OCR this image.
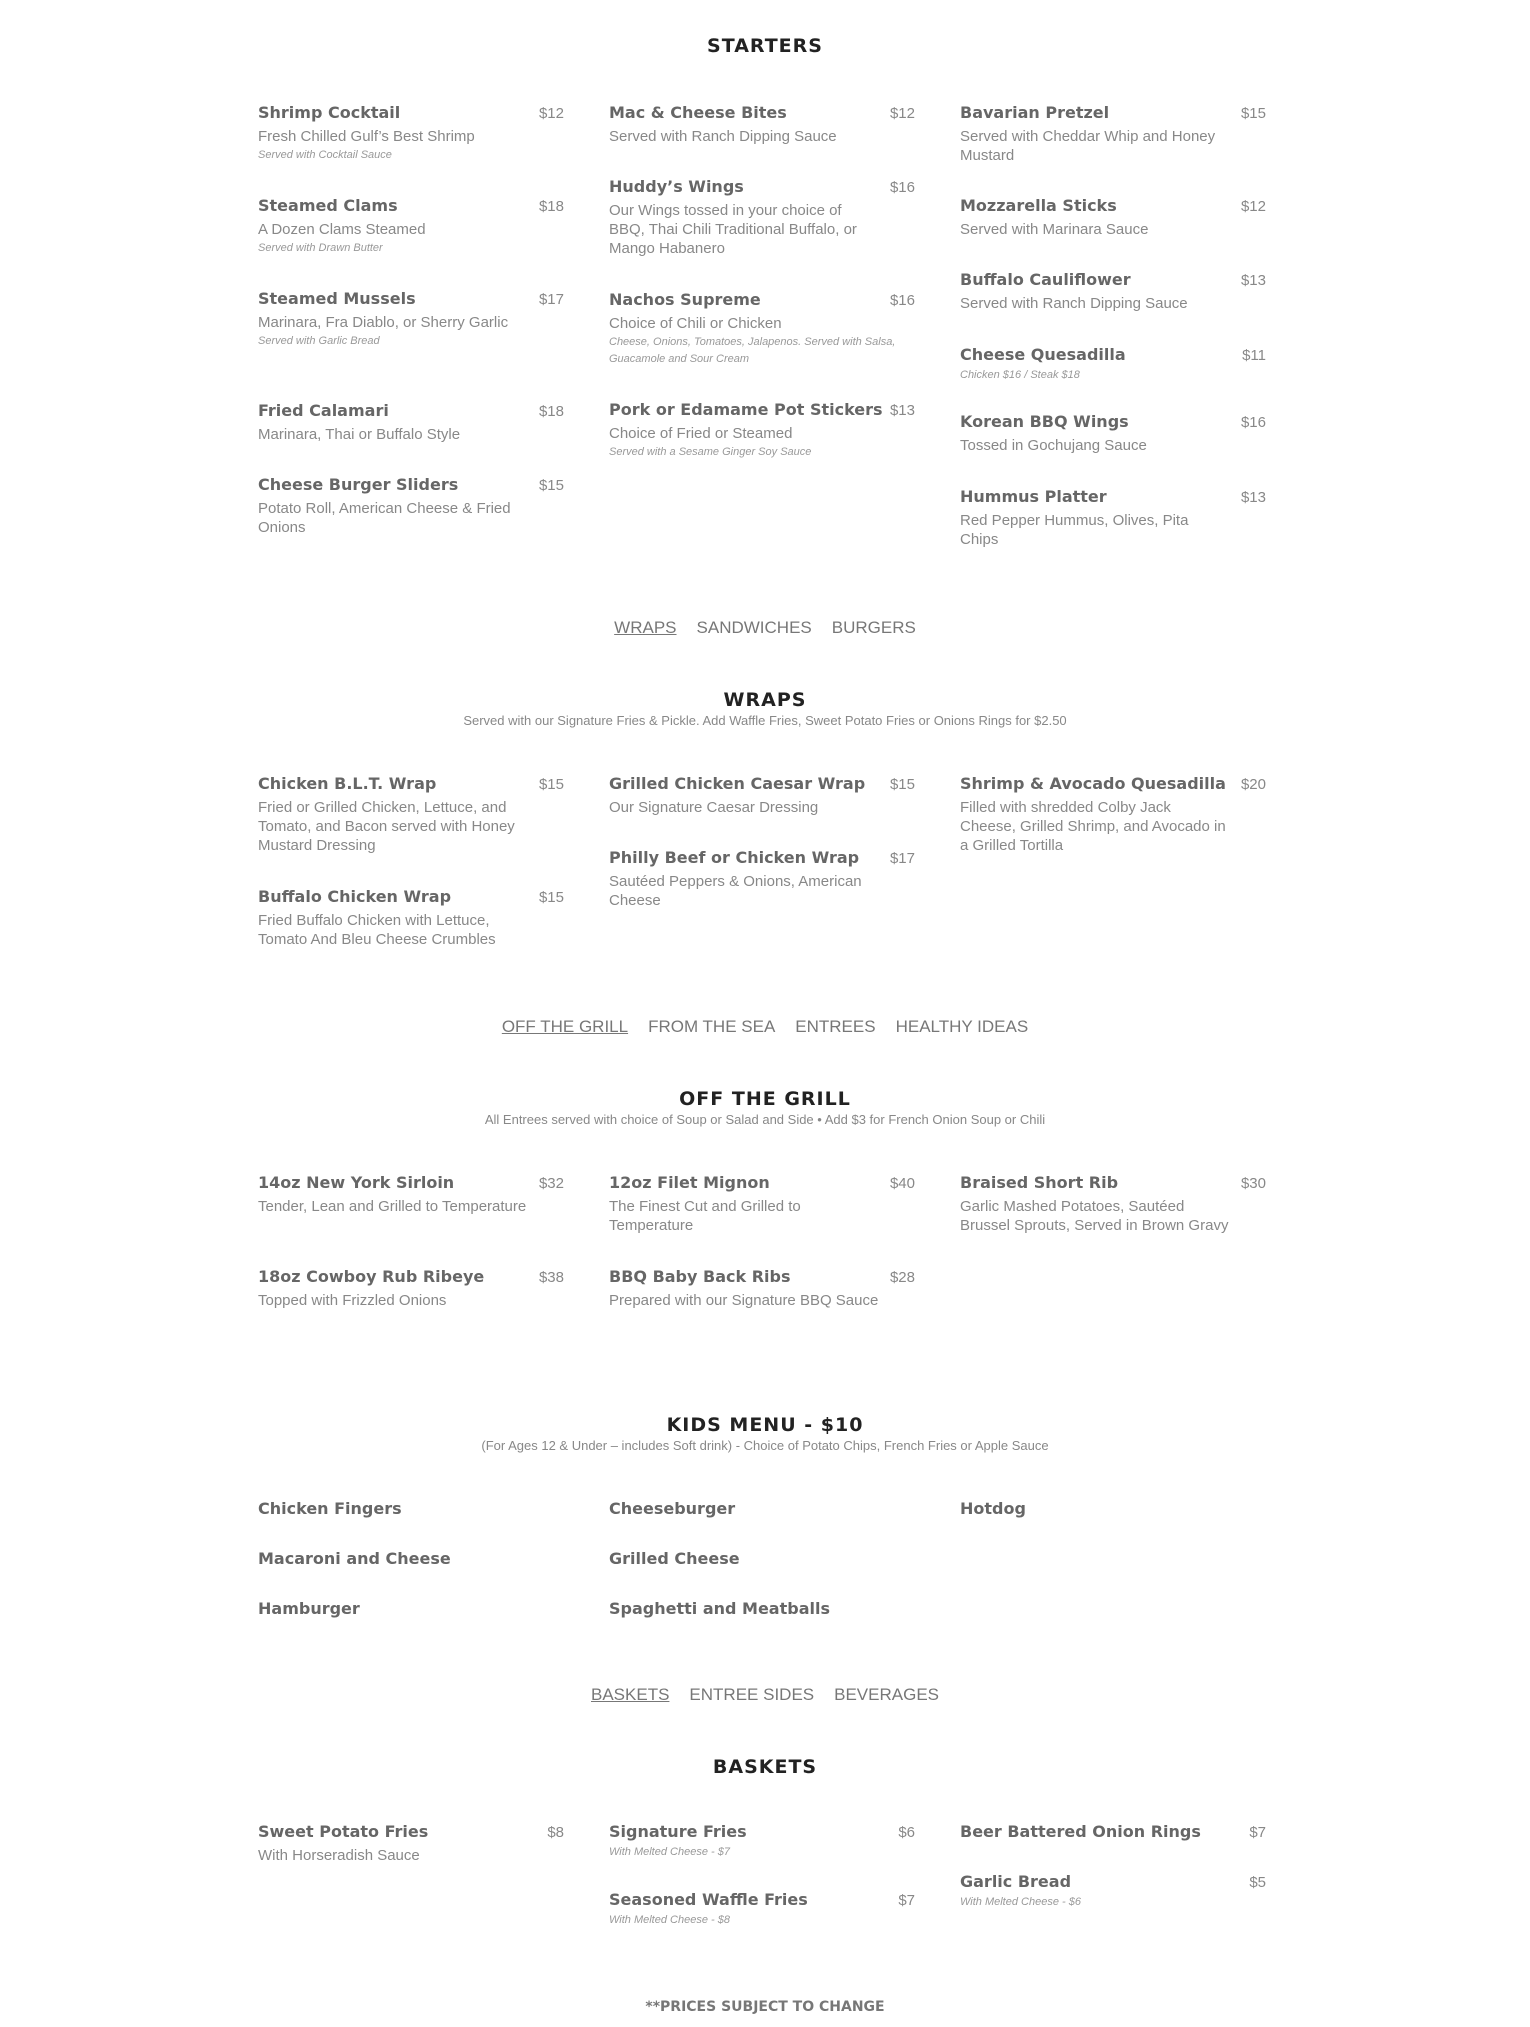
STARTERS
Shrimp Cocktail	$12
Fresh Chilled Gulf’s Best Shrimp
Served with Cocktail Sauce
Steamed Clams	$18
A Dozen Clams Steamed
Served with Drawn Butter
Steamed Mussels	$17
Marinara, Fra Diablo, or Sherry Garlic
Served with Garlic Bread
Fried Calamari	$18
Marinara, Thai or Buffalo Style
Cheese Burger Sliders	$15
Potato Roll, American Cheese & Fried Onions
Mac & Cheese Bites	$12
Served with Ranch Dipping Sauce
Huddy’s Wings	$16
Our Wings tossed in your choice of BBQ, Thai Chili Traditional Buffalo, or Mango Habanero
Nachos Supreme	$16
Choice of Chili or Chicken
Cheese, Onions, Tomatoes, Jalapenos. Served with Salsa, Guacamole and Sour Cream
Pork or Edamame Pot Stickers $13
Choice of Fried or Steamed
Served with a Sesame Ginger Soy Sauce
Bavarian Pretzel	$15
Served with Cheddar Whip and Honey Mustard
Mozzarella Sticks	$12
Served with Marinara Sauce
Buffalo Cauliflower	$13
Served with Ranch Dipping Sauce
Cheese Quesadilla	$11
Chicken $16 / Steak $18
Korean BBQ Wings	$16
Tossed in Gochujang Sauce
Hummus Platter	$13
Red Pepper Hummus, Olives, Pita Chips
WRAPS SANDWICHES BURGERS
WRAPS
Served with our Signature Fries & Pickle. Add Waffle Fries, Sweet Potato Fries or Onions Rings for $2.50
Chicken B.L.T. Wrap	$15
Fried or Grilled Chicken, Lettuce, and Tomato, and Bacon served with Honey Mustard Dressing
Buffalo Chicken Wrap	$15
Fried Buffalo Chicken with Lettuce, Tomato And Bleu Cheese Crumbles
Grilled Chicken Caesar Wrap $15
Our Signature Caesar Dressing
Philly Beef or Chicken Wrap $17
Sautéed Peppers & Onions, American Cheese
Shrimp & Avocado Quesadilla $20
Filled with shredded Colby Jack Cheese, Grilled Shrimp, and Avocado in a Grilled Tortilla
OFF THE GRILL FROM THE SEA ENTREES HEALTHY IDEAS
OFF THE GRILL
All Entrees served with choice of Soup or Salad and Side • Add $3 for French Onion Soup or Chili
14oz New York Sirloin	$32
Tender, Lean and Grilled to Temperature
18oz Cowboy Rub Ribeye	$38
Topped with Frizzled Onions
12oz Filet Mignon	$40
The Finest Cut and Grilled to Temperature
BBQ Baby Back Ribs	$28
Prepared with our Signature BBQ Sauce
Braised Short Rib	$30
Garlic Mashed Potatoes, Sautéed Brussel Sprouts, Served in Brown Gravy
KIDS MENU - $10
(For Ages 12 & Under – includes Soft drink) - Choice of Potato Chips, French Fries or Apple Sauce
Chicken Fingers
Macaroni and Cheese
Hamburger
Cheeseburger
Grilled Cheese
Spaghetti and Meatballs
Hotdog
BASKETS ENTREE SIDES BEVERAGES
BASKETS
Sweet Potato Fries	$8
With Horseradish Sauce
Signature Fries	$6
With Melted Cheese - $7
Seasoned Waffle Fries	$7
With Melted Cheese - $8
Beer Battered Onion Rings	$7
Garlic Bread	$5
With Melted Cheese - $6
**PRICES SUBJECT TO CHANGE
